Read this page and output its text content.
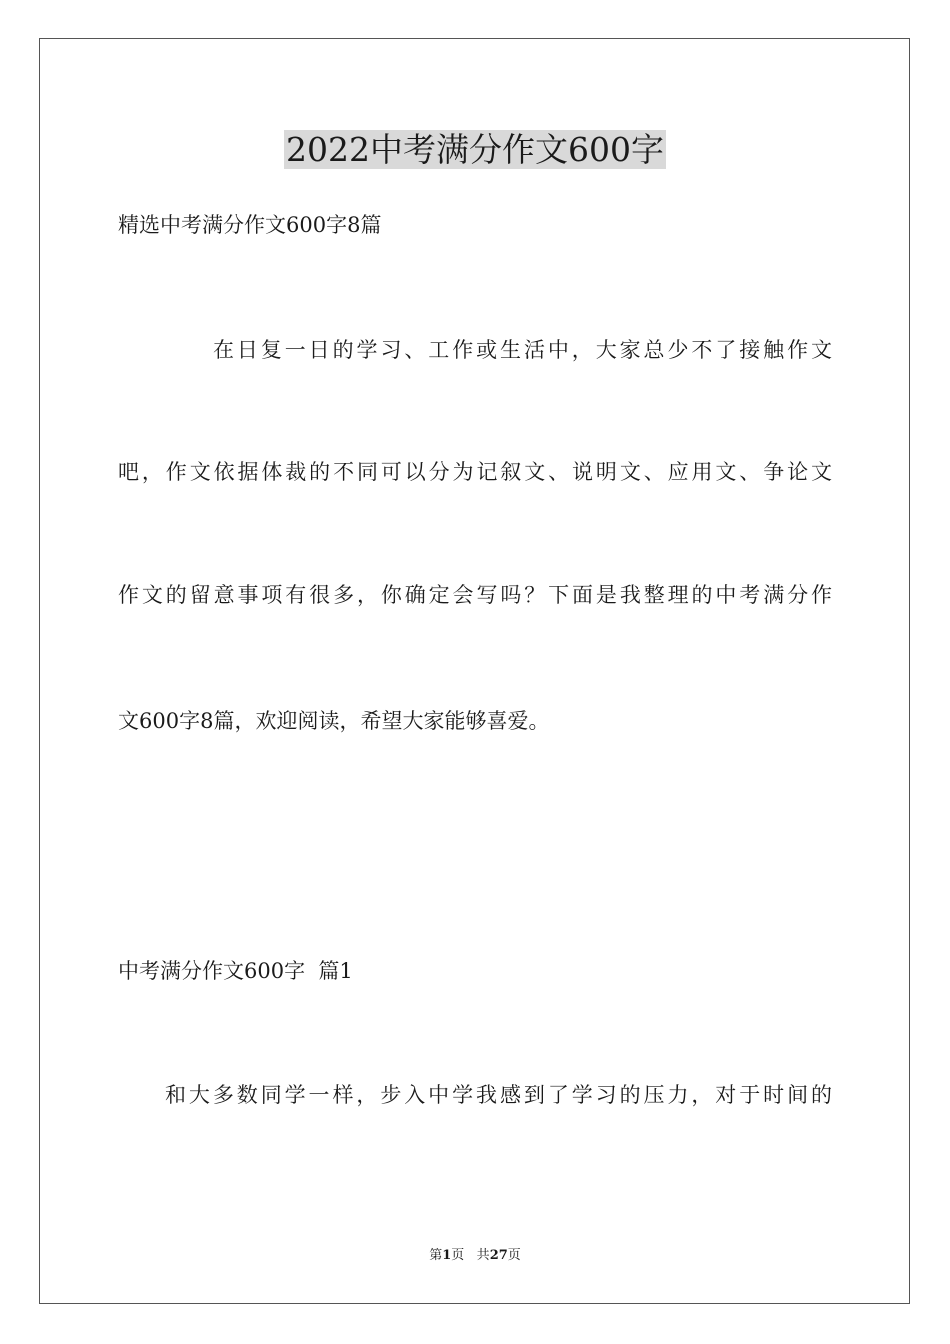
2022中考满分作文600字
精选中考满分作文600字8篇
在日复一日的学习、工作或生活中，大家总少不了接触作文
吧，作文依据体裁的不同可以分为记叙文、说明文、应用文、争论文
作文的留意事项有很多，你确定会写吗？下面是我整理的中考满分作
文600字8篇，欢迎阅读，希望大家能够喜爱。
中考满分作文600字  篇1
和大多数同学一样，步入中学我感到了学习的压力，对于时间的
第1页 共27页
